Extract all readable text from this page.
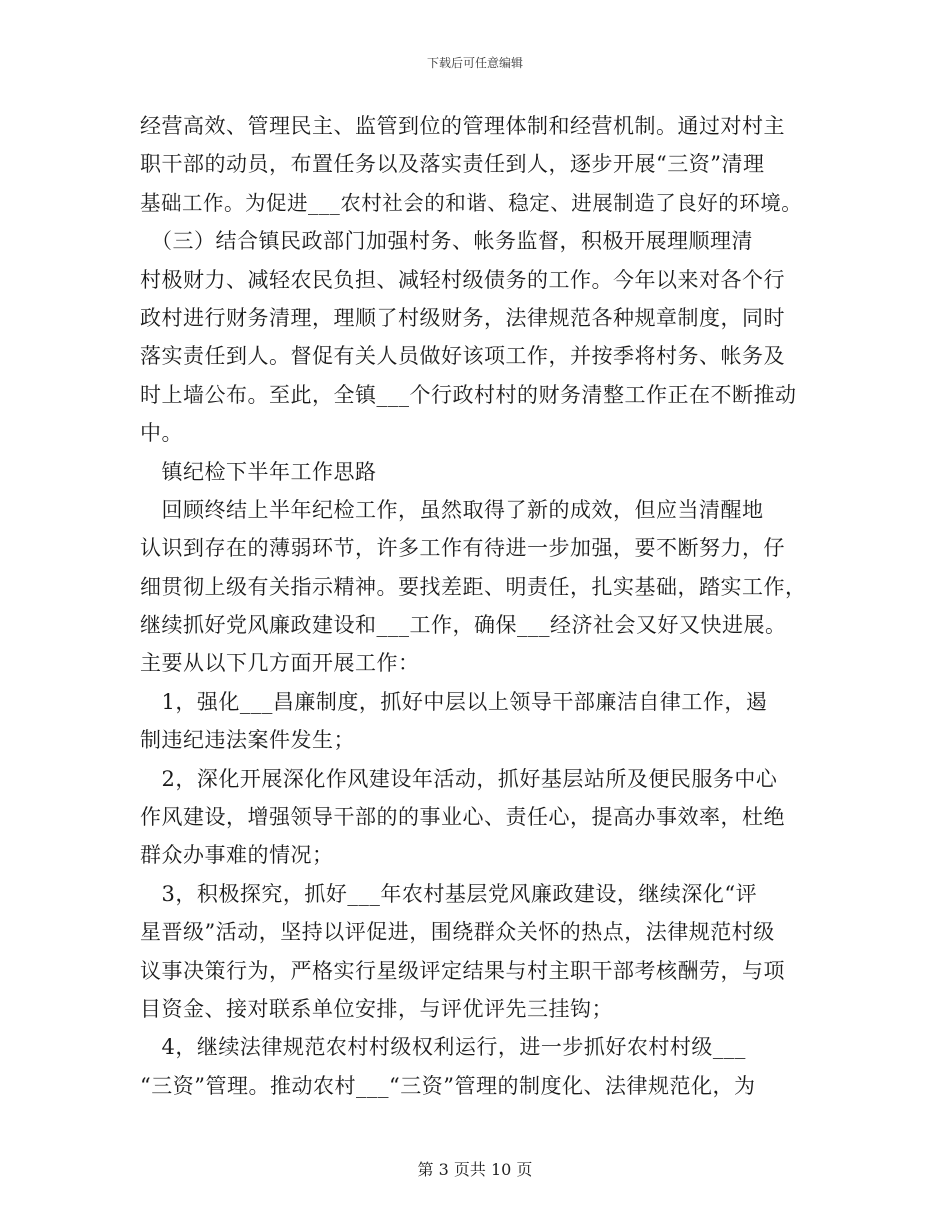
下载后可任意编辑
经营高效、管理民主、监管到位的管理体制和经营机制。通过对村主
职干部的动员，布置任务以及落实责任到人，逐步开展“三资”清理
基础工作。为促进___农村社会的和谐、稳定、进展制造了良好的环境。
　（三）结合镇民政部门加强村务、帐务监督，积极开展理顺理清
村极财力、减轻农民负担、减轻村级债务的工作。今年以来对各个行
政村进行财务清理，理顺了村级财务，法律规范各种规章制度，同时
落实责任到人。督促有关人员做好该项工作，并按季将村务、帐务及
时上墙公布。至此，全镇___个行政村村的财务清整工作正在不断推动
中。
　镇纪检下半年工作思路
　回顾终结上半年纪检工作，虽然取得了新的成效，但应当清醒地
认识到存在的薄弱环节，许多工作有待进一步加强，要不断努力，仔
细贯彻上级有关指示精神。要找差距、明责任，扎实基础，踏实工作，
继续抓好党风廉政建设和___工作，确保___经济社会又好又快进展。
主要从以下几方面开展工作：
　1，强化___昌廉制度，抓好中层以上领导干部廉洁自律工作，遏
制违纪违法案件发生；
　2，深化开展深化作风建设年活动，抓好基层站所及便民服务中心
作风建设，增强领导干部的的事业心、责任心，提高办事效率，杜绝
群众办事难的情况；
　3，积极探究，抓好___年农村基层党风廉政建设，继续深化“评
星晋级”活动，坚持以评促进，围绕群众关怀的热点，法律规范村级
议事决策行为，严格实行星级评定结果与村主职干部考核酬劳，与项
目资金、接对联系单位安排，与评优评先三挂钩；
　4，继续法律规范农村村级权利运行，进一步抓好农村村级___
“三资”管理。推动农村___“三资”管理的制度化、法律规范化，为
第 3 页共 10 页
